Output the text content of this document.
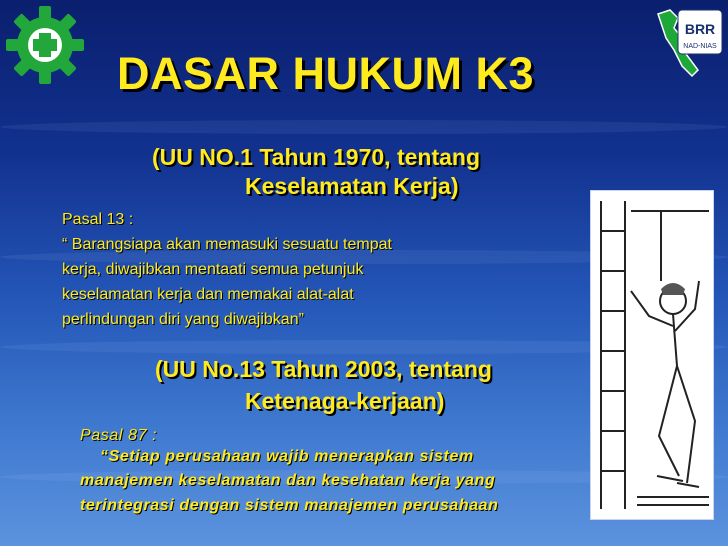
BRR
NAD-NIAS
DASAR HUKUM K3
(UU NO.1 Tahun 1970, tentang
Keselamatan Kerja)
Pasal 13 :
“ Barangsiapa akan memasuki sesuatu tempat
kerja, diwajibkan mentaati semua petunjuk
keselamatan kerja dan memakai alat-alat
perlindungan diri yang diwajibkan”
(UU No.13 Tahun 2003, tentang
Ketenaga-kerjaan)
Pasal 87 :
“Setiap perusahaan wajib menerapkan sistem
manajemen keselamatan dan kesehatan kerja yang
terintegrasi dengan sistem manajemen perusahaan
